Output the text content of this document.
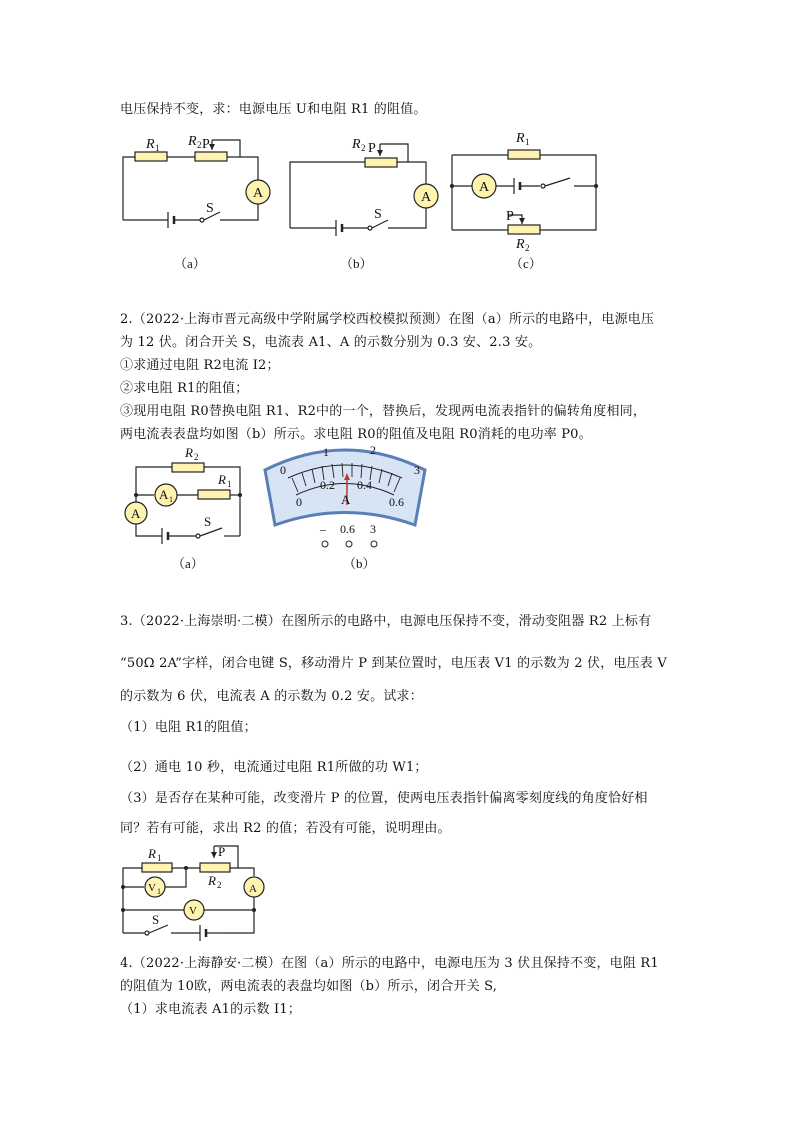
电压保持不变，求：电源电压 U和电阻 R1 的阻值。
R 1 R 2 P
A
S
R 2 P
A
S
R 1
A
P
R 2
（a）	（b）	（c）
2.（2022·上海市晋元高级中学附属学校西校模拟预测）在图（a）所示的电路中，电源电压
为 12 伏。闭合开关 S，电流表 A1、A 的示数分别为 0.3 安、2.3 安。
①求通过电阻 R2电流 I2；
②求电阻 R1的阻值；
③现用电阻 R0替换电阻 R1、R2中的一个，替换后，发现两电流表指针的偏转角度相同，
两电流表表盘均如图（b）所示。求电阻 R0的阻值及电阻 R0消耗的电功率 P0。
R 2
R 1
A 1
A
S
0
1	2
3
0
0.2 0.4
0.6
A
– 0.6 3
（a）	（b）
3.（2022·上海崇明·二模）在图所示的电路中，电源电压保持不变，滑动变阻器 R2 上标有
“50Ω 2A”字样，闭合电键 S，移动滑片 P 到某位置时，电压表 V1 的示数为 2 伏，电压表 V
的示数为 6 伏，电流表 A 的示数为 0.2 安。试求：
（1）电阻 R1的阻值；
（2）通电 10 秒，电流通过电阻 R1所做的功 W1；
（3）是否存在某种可能，改变滑片 P 的位置，使两电压表指针偏离零刻度线的角度恰好相
同？若有可能，求出 R2 的值；若没有可能，说明理由。
R 1	P
R 2
V 1	A
V
S
4.（2022·上海静安·二模）在图（a）所示的电路中，电源电压为 3 伏且保持不变，电阻 R1
的阻值为 10欧，两电流表的表盘均如图（b）所示，闭合开关 S,
（1）求电流表 A1的示数 I1；
